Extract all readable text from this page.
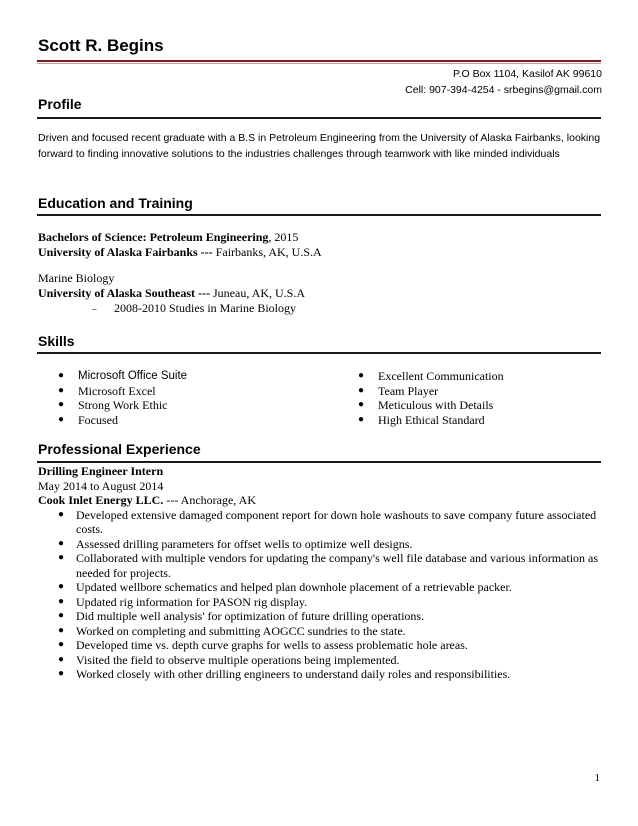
Scott R. Begins
P.O Box 1104, Kasilof AK 99610
Cell: 907-394-4254 - srbegins@gmail.com
Profile
Driven and focused recent graduate with a B.S in Petroleum Engineering from the University of Alaska Fairbanks, looking forward to finding innovative solutions to the industries challenges through teamwork with like minded individuals
Education and Training
Bachelors of Science: Petroleum Engineering, 2015
University of Alaska Fairbanks --- Fairbanks, AK, U.S.A
Marine Biology
University of Alaska Southeast --- Juneau, AK, U.S.A
– 2008-2010 Studies in Marine Biology
Skills
● Microsoft Office Suite
● Microsoft Excel
● Strong Work Ethic
● Focused
● Excellent Communication
● Team Player
● Meticulous with Details
● High Ethical Standard
Professional Experience
Drilling Engineer Intern
May 2014 to August 2014
Cook Inlet Energy LLC. --- Anchorage, AK
● Developed extensive damaged component report for down hole washouts to save company future associated costs.
● Assessed drilling parameters for offset wells to optimize well designs.
● Collaborated with multiple vendors for updating the company's well file database and various information as needed for projects.
● Updated wellbore schematics and helped plan downhole placement of a retrievable packer.
● Updated rig information for PASON rig display.
● Did multiple well analysis' for optimization of future drilling operations.
● Worked on completing and submitting AOGCC sundries to the state.
● Developed time vs. depth curve graphs for wells to assess problematic hole areas.
● Visited the field to observe multiple operations being implemented.
● Worked closely with other drilling engineers to understand daily roles and responsibilities.
1
